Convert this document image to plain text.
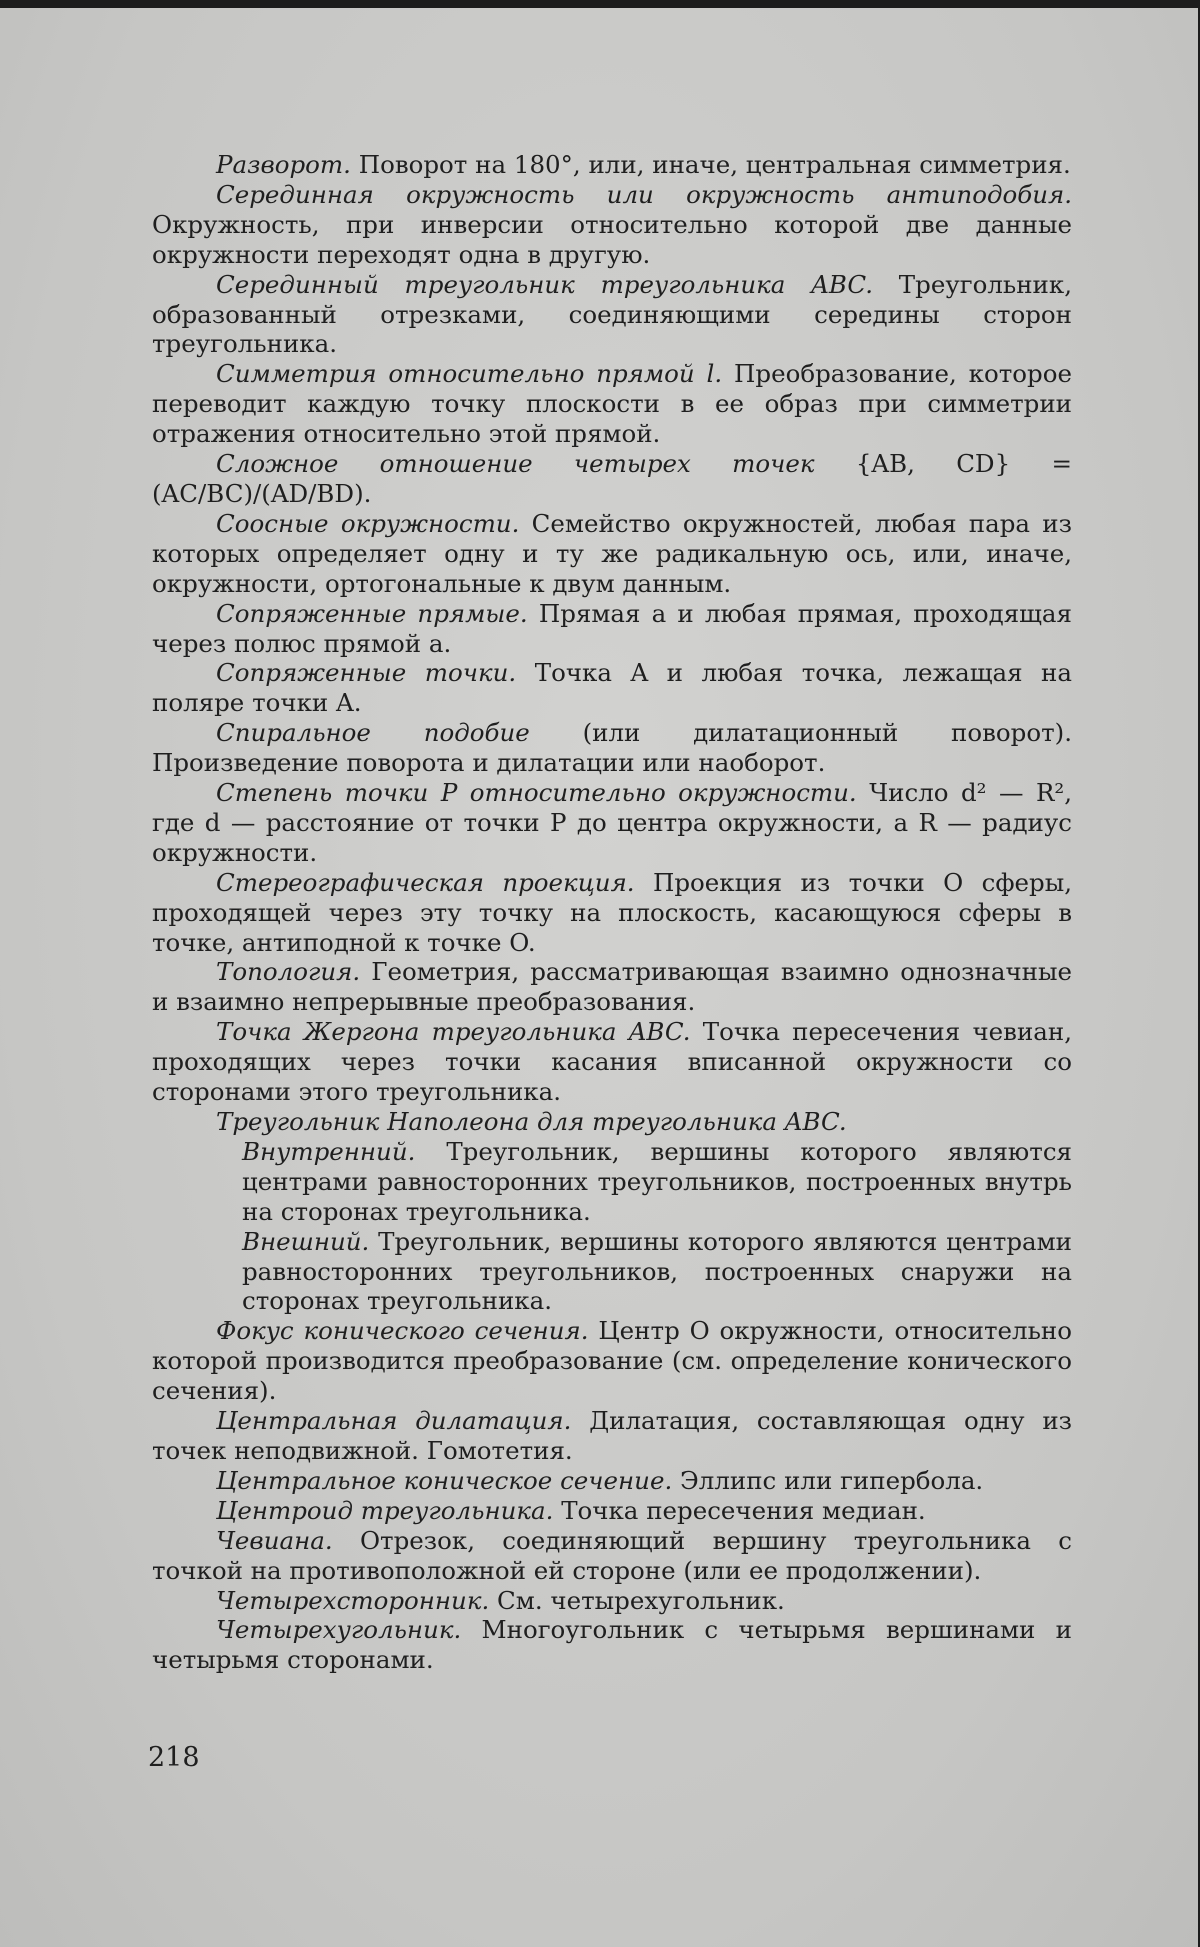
Разворот. Поворот на 180°, или, иначе, центральная симметрия.

Серединная окружность или окружность антиподобия. Окружность, при инверсии относительно которой две данные окружности переходят одна в другую.

Серединный треугольник треугольника ABC. Треугольник, образованный отрезками, соединяющими середины сторон треугольника.

Симметрия относительно прямой l. Преобразование, которое переводит каждую точку плоскости в ее образ при симметрии отражения относительно этой прямой.

Сложное отношение четырех точек {AB, CD} = (AC/BC)/(AD/BD).

Соосные окружности. Семейство окружностей, любая пара из которых определяет одну и ту же радикальную ось, или, иначе, окружности, ортогональные к двум данным.

Сопряженные прямые. Прямая a и любая прямая, проходящая через полюс прямой a.

Сопряженные точки. Точка A и любая точка, лежащая на поляре точки A.

Спиральное подобие (или дилатационный поворот). Произведение поворота и дилатации или наоборот.

Степень точки P относительно окружности. Число d² — R², где d — расстояние от точки P до центра окружности, а R — радиус окружности.

Стереографическая проекция. Проекция из точки O сферы, проходящей через эту точку на плоскость, касающуюся сферы в точке, антиподной к точке O.

Топология. Геометрия, рассматривающая взаимно однозначные и взаимно непрерывные преобразования.

Точка Жергона треугольника ABC. Точка пересечения чевиан, проходящих через точки касания вписанной окружности со сторонами этого треугольника.

Треугольник Наполеона для треугольника ABC.

Внутренний. Треугольник, вершины которого являются центрами равносторонних треугольников, построенных внутрь на сторонах треугольника.

Внешний. Треугольник, вершины которого являются центрами равносторонних треугольников, построенных снаружи на сторонах треугольника.

Фокус конического сечения. Центр O окружности, относительно которой производится преобразование (см. определение конического сечения).

Центральная дилатация. Дилатация, составляющая одну из точек неподвижной. Гомотетия.

Центральное коническое сечение. Эллипс или гипербола.

Центроид треугольника. Точка пересечения медиан.

Чевиана. Отрезок, соединяющий вершину треугольника с точкой на противоположной ей стороне (или ее продолжении).

Четырехсторонник. См. четырехугольник.

Четырехугольник. Многоугольник с четырьмя вершинами и четырьмя сторонами.

218
